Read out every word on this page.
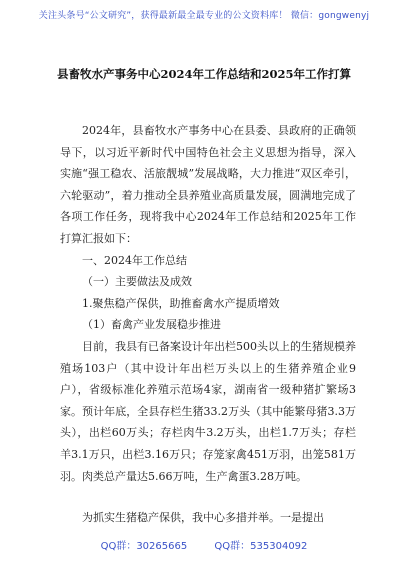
关注头条号“公文研究”，获得最新最全最专业的公文资料库！ 微信：gongwenyj
县畜牧水产事务中心2024年工作总结和2025年工作打算

2024年，县畜牧水产事务中心在县委、县政府的正确领导下，以习近平新时代中国特色社会主义思想为指导，深入实施“强工稳农、活旅靓城”发展战略，大力推进“双区牵引，六轮驱动”，着力推动全县养殖业高质量发展，圆满地完成了各项工作任务，现将我中心2024年工作总结和2025年工作打算汇报如下：

一、2024年工作总结

（一）主要做法及成效

1.聚焦稳产保供，助推畜禽水产提质增效

（1）畜禽产业发展稳步推进

目前，我县有已备案设计年出栏500头以上的生猪规模养殖场103户（其中设计年出栏万头以上的生猪养殖企业9户），省级标准化养殖示范场4家，湖南省一级种猪扩繁场3家。预计年底，全县存栏生猪33.2万头（其中能繁母猪3.3万头），出栏60万头；存栏肉牛3.2万头，出栏1.7万头；存栏羊3.1万只，出栏3.16万只；存笼家禽451万羽，出笼581万羽。肉类总产量达5.66万吨，生产禽蛋3.28万吨。

为抓实生猪稳产保供，我中心多措并举。一是提出

QQ群：30265665	QQ群：535304092
